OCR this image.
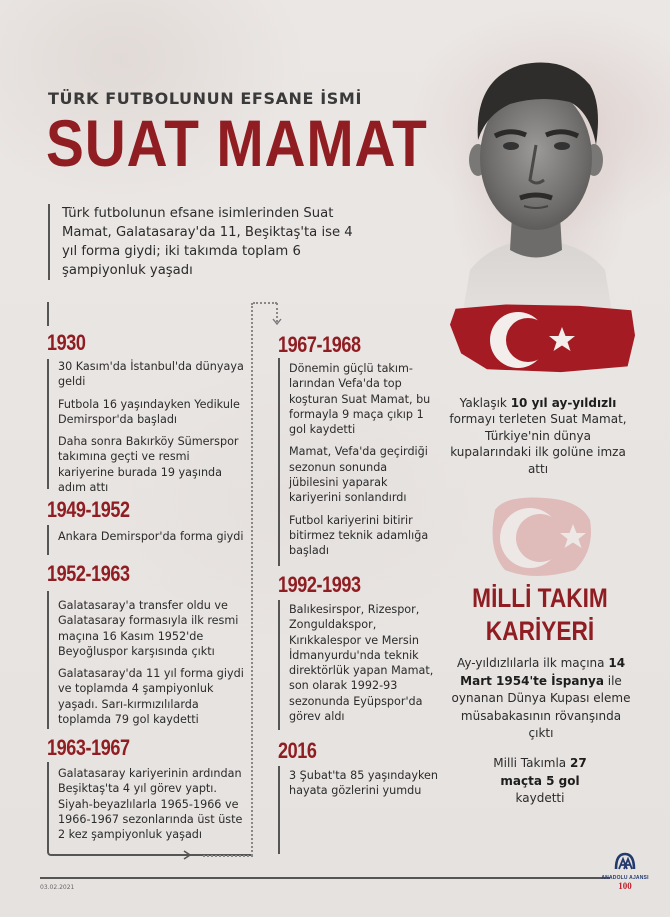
TÜRK FUTBOLUNUN EFSANE İSMİ
SUAT MAMAT
Türk futbolunun efsane isimlerinden Suat Mamat, Galatasaray'da 11, Beşiktaş'ta ise 4 yıl forma giydi; iki takımda toplam 6 şampiyonluk yaşadı
1930

30 Kasım'da İstanbul'da dünyaya geldi

Futbola 16 yaşındayken Yedikule Demirspor'da başladı

Daha sonra Bakırköy Sümerspor takımına geçti ve resmi kariyerine burada 19 yaşında adım attı

1949-1952

Ankara Demirspor'da forma giydi

1952-1963

Galatasaray'a transfer oldu ve Galatasaray formasıyla ilk resmi maçına 16 Kasım 1952'de Beyoğluspor karşısında çıktı

Galatasaray'da 11 yıl forma giydi ve toplamda 4 şampiyonluk yaşadı. Sarı-kırmızılılarda toplamda 79 gol kaydetti

1963-1967

Galatasaray kariyerinin ardından Beşiktaş'ta 4 yıl görev yaptı. Siyah-beyazlılarla 1965-1966 ve 1966-1967 sezonlarında üst üste 2 kez şampiyonluk yaşadı

1967-1968

Dönemin güçlü takım-larından Vefa'da top koşturan Suat Mamat, bu formayla 9 maça çıkıp 1 gol kaydetti

Mamat, Vefa'da geçirdiği sezonun sonunda jübilesini yaparak kariyerini sonlandırdı

Futbol kariyerini bitirir bitirmez teknik adamlığa başladı

1992-1993

Balıkesirspor, Rizespor, Zonguldakspor, Kırıkkalespor ve Mersin İdmanyurdu'nda teknik direktörlük yapan Mamat, son olarak 1992-93 sezonunda Eyüpspor'da görev aldı

2016

3 Şubat'ta 85 yaşındayken hayata gözlerini yumdu

Yaklaşık 10 yıl ay-yıldızlı formayı terleten Suat Mamat, Türkiye'nin dünya kupalarındaki ilk golüne imza attı
MİLLİ TAKIM
KARİYERİ
Ay-yıldızlılarla ilk maçına 14 Mart 1954'te İspanya ile oynanan Dünya Kupası eleme müsabakasının rövanşında çıktı
Milli Takımla 27 maçta 5 gol kaydetti
03.02.2021
ANADOLU AJANSI
100
